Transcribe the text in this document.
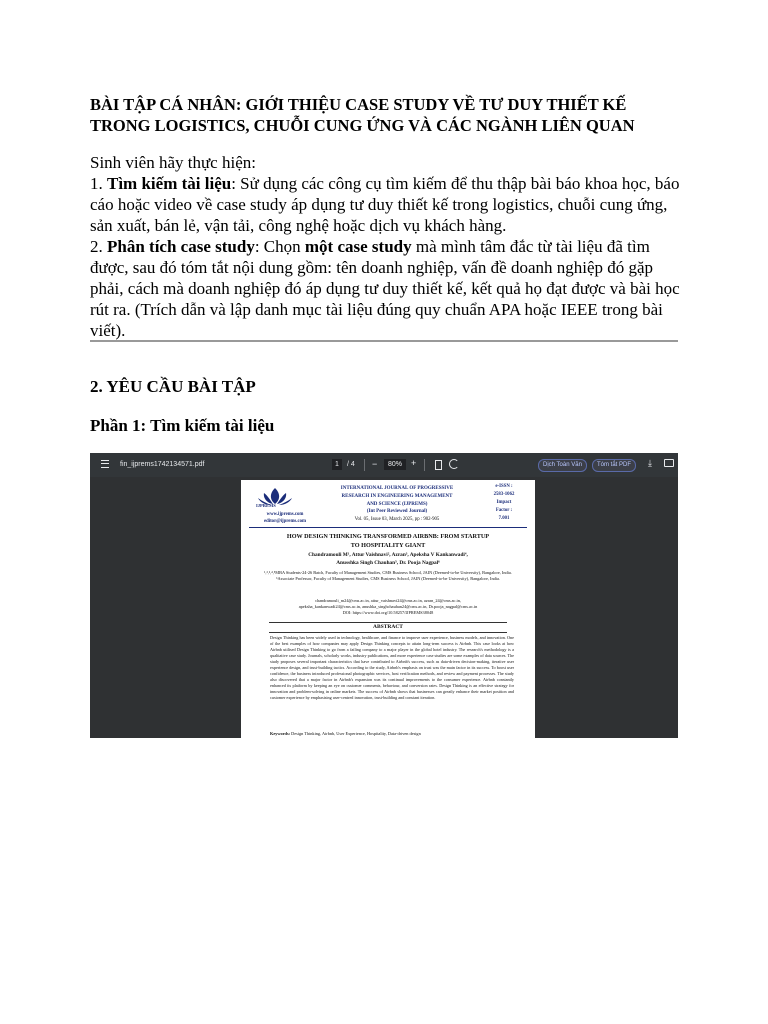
BÀI TẬP CÁ NHÂN: GIỚI THIỆU CASE STUDY VỀ TƯ DUY THIẾT KẾ TRONG LOGISTICS, CHUỖI CUNG ỨNG VÀ CÁC NGÀNH LIÊN QUAN

Sinh viên hãy thực hiện:

1. Tìm kiếm tài liệu: Sử dụng các công cụ tìm kiếm để thu thập bài báo khoa học, báo cáo hoặc video về case study áp dụng tư duy thiết kế trong logistics, chuỗi cung ứng, sản xuất, bán lẻ, vận tải, công nghệ hoặc dịch vụ khách hàng.

2. Phân tích case study: Chọn một case study mà mình tâm đắc từ tài liệu đã tìm được, sau đó tóm tắt nội dung gồm: tên doanh nghiệp, vấn đề doanh nghiệp đó gặp phải, cách mà doanh nghiệp đó áp dụng tư duy thiết kế, kết quả họ đạt được và bài học rút ra. (Trích dẫn và lập danh mục tài liệu đúng quy chuẩn APA hoặc IEEE trong bài viết).

2. YÊU CẦU BÀI TẬP
Phần 1: Tìm kiếm tài liệu
fin_ijprems1742134571.pdf	1	/ 4 −	80%	+	Dịch Toàn Văn	Tóm tắt PDF	⤓
IJPREMS
INTERNATIONAL JOURNAL OF PROGRESSIVE
RESEARCH IN ENGINEERING MANAGEMENT
AND SCIENCE (IJPREMS)
(Int Peer Reviewed Journal)
Vol. 05, Issue 03, March 2025, pp : 902-905
www.ijprems.com
editor@ijprems.com
e-ISSN :
2583-1062
Impact
Factor :
7.001
HOW DESIGN THINKING TRANSFORMED AIRBNB: FROM STARTUP
TO HOSPITALITY GIANT
Chandramouli M¹, Attur Vaishnavi², Azran³, Apeksha V Kankanwadi⁴,
Anusshka Singh Chauhan⁵, Dr. Pooja Nagpal⁶
¹,²,³,⁴,⁵MBA Students-24-26 Batch, Faculty of Management Studies, CMS Business School, JAIN (Deemed-to-be University), Bangalore, India.
⁶Associate Professor, Faculty of Management Studies, CMS Business School, JAIN (Deemed-to-be University), Bangalore, India.
chandramouli_m24@cms.ac.in, attur_vaishnavi24@cms.ac.in, azran_24@cms.ac.in,
apeksha_kankanwadi24@cms.ac.in, anushka_singhchauhan24@cms.ac.in, Dr.pooja_nagpal@cms.ac.in
DOI: https://www.doi.org/10.58257/IJPREMS38048
ABSTRACT
Design Thinking has been widely used in technology, healthcare, and finance to improve user experience, business models, and innovation. One of the best examples of how companies may apply Design Thinking concepts to attain long-term success is Airbnb. This case looks at how Airbnb utilised Design Thinking to go from a failing company to a major player in the global hotel industry. The research's methodology is a qualitative case study. Journals, scholarly works, industry publications, and more experience case studies are some examples of data sources. The study proposes several important characteristics that have contributed to Airbnb's success, such as data-driven decision-making, iterative user experience design, and trust-building tactics. According to the study, Airbnb's emphasis on trust was the main factor in its success. To boost user confidence, the business introduced professional photographic services, host verification methods, and review and payment processes. The study also discovered that a major factor in Airbnb's expansion was its continual improvements to the consumer experience. Airbnb constantly enhanced its platform by keeping an eye on customer comments, behaviour, and conversion rates. Design Thinking is an effective strategy for innovation and problem-solving in online markets. The success of Airbnb shows that businesses can greatly enhance their market position and customer experience by emphasising user-centred innovation, trust-building and constant iteration.
Keywords: Design Thinking, Airbnb, User Experience, Hospitality, Data-driven design
